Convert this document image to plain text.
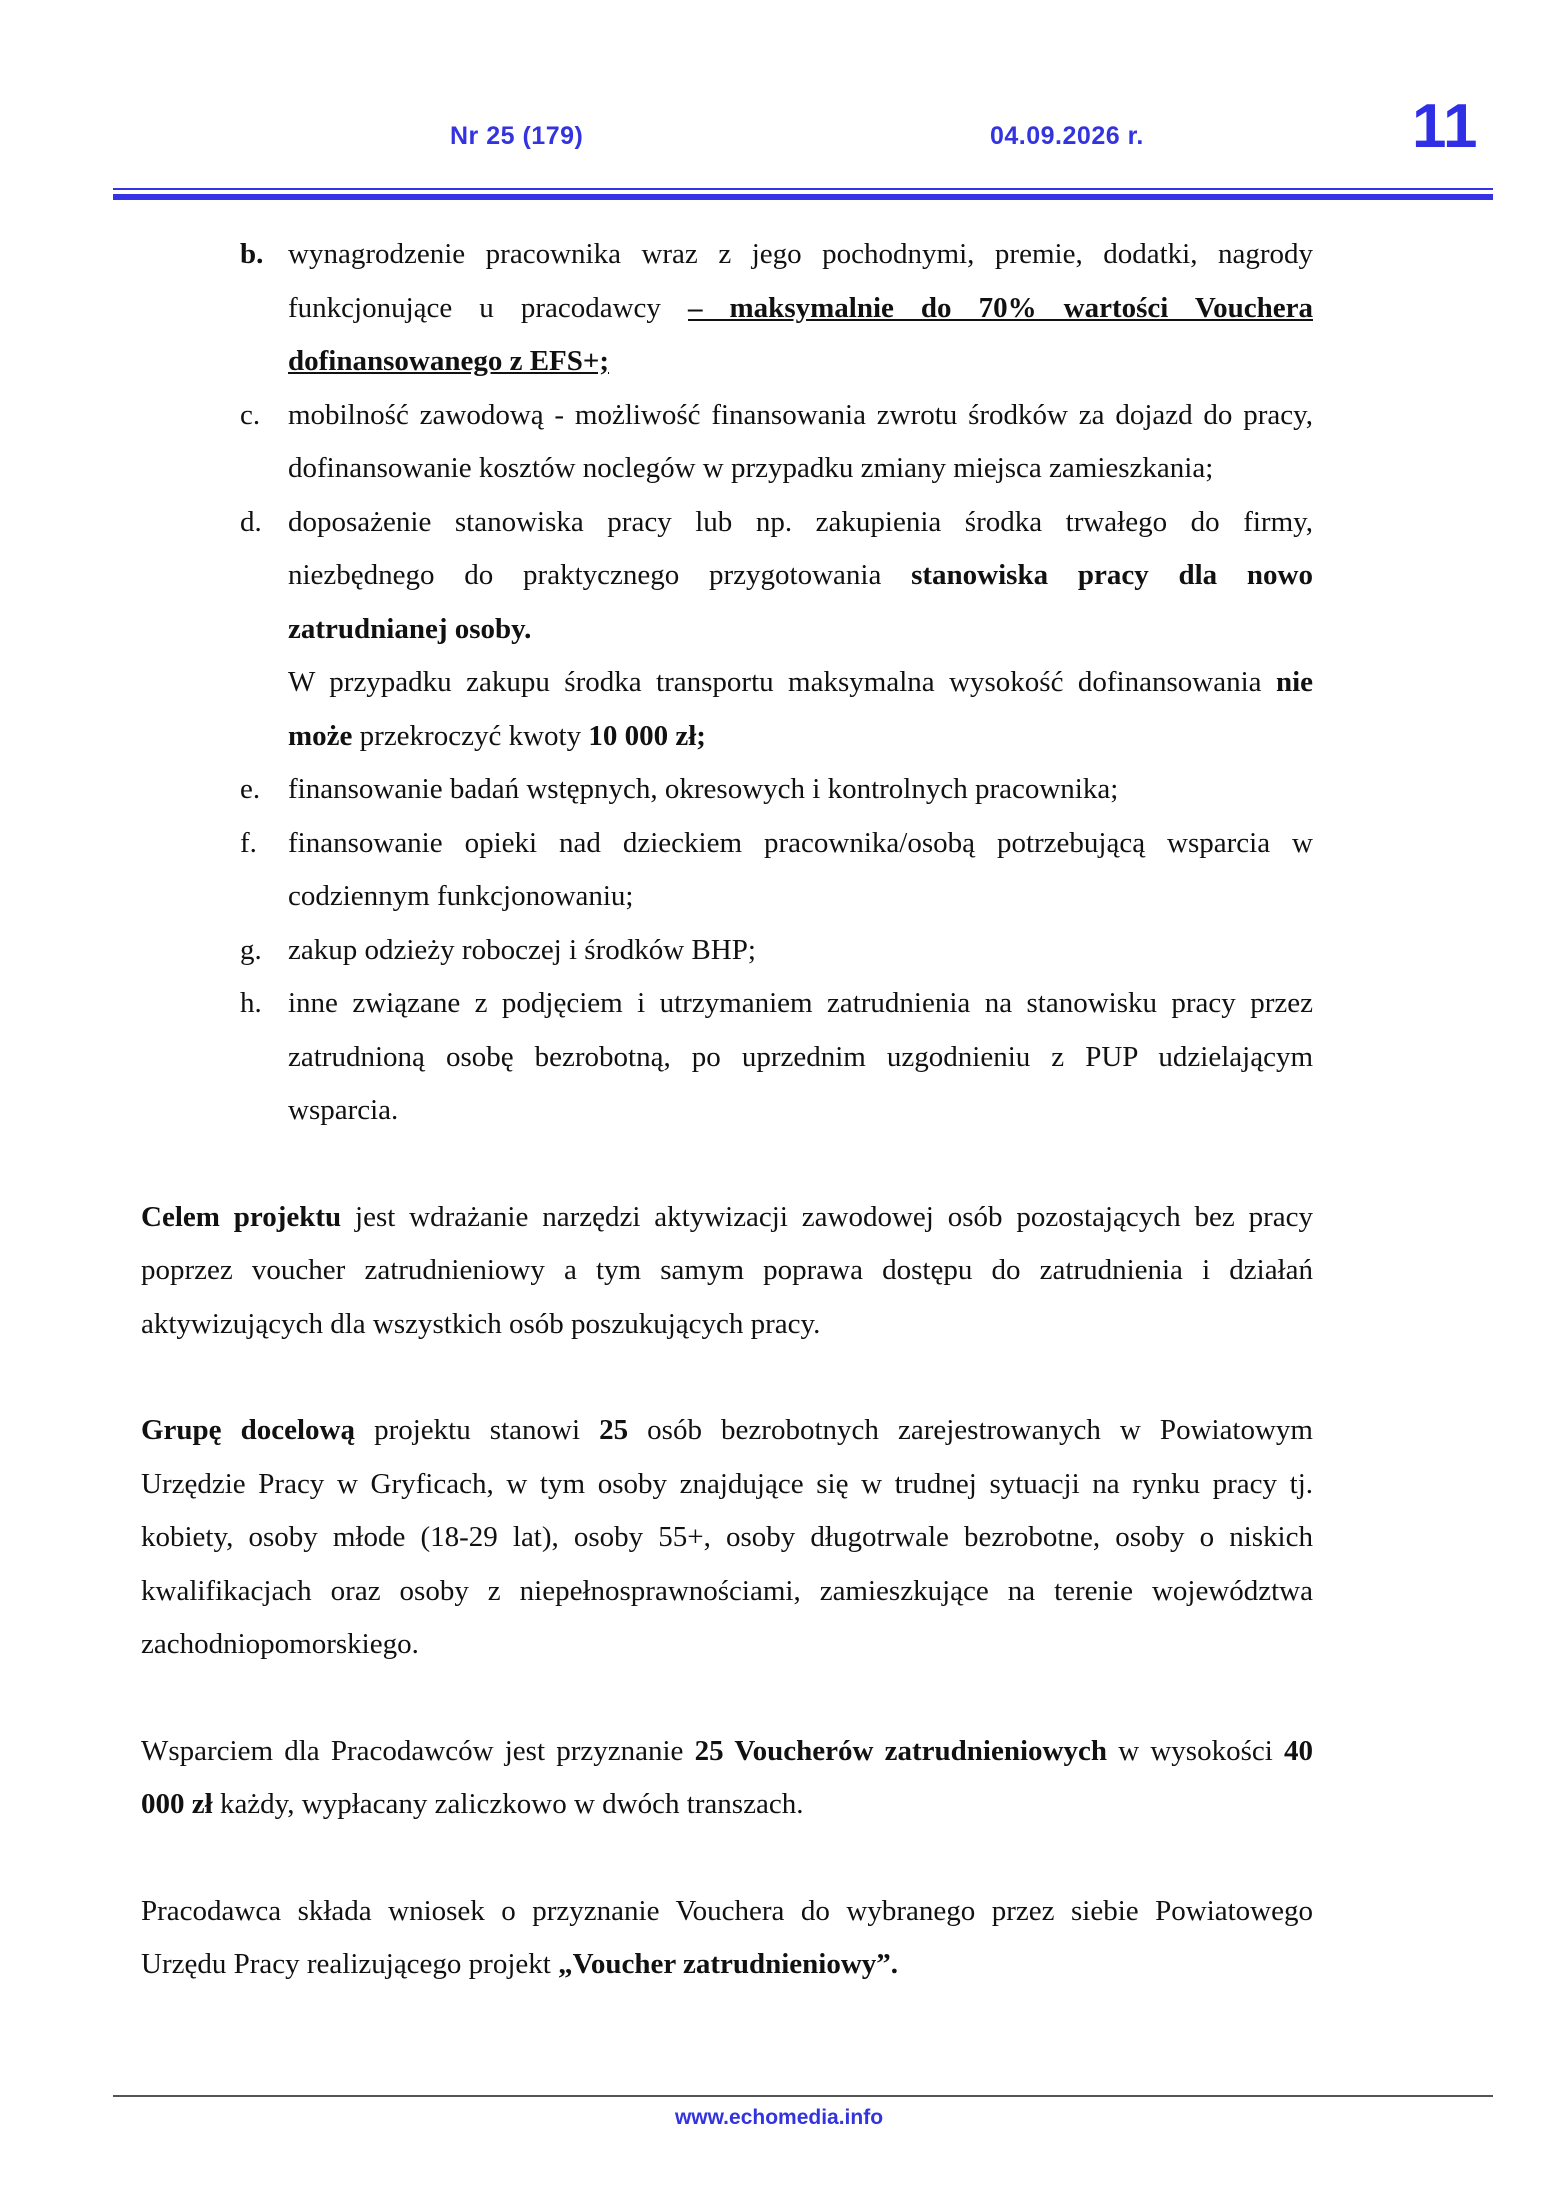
Nr 25 (179)	04.09.2026 r.	11
b. wynagrodzenie pracownika wraz z jego pochodnymi, premie, dodatki, nagrody funkcjonujące u pracodawcy – maksymalnie do 70% wartości Vouchera dofinansowanego z EFS+;
c. mobilność zawodową - możliwość finansowania zwrotu środków za dojazd do pracy, dofinansowanie kosztów noclegów w przypadku zmiany miejsca zamieszkania;
d. doposażenie stanowiska pracy lub np. zakupienia środka trwałego do firmy, niezbędnego do praktycznego przygotowania stanowiska pracy dla nowo zatrudnianej osoby.
W przypadku zakupu środka transportu maksymalna wysokość dofinansowania nie może przekroczyć kwoty 10 000 zł;
e. finansowanie badań wstępnych, okresowych i kontrolnych pracownika;
f. finansowanie opieki nad dzieckiem pracownika/osobą potrzebującą wsparcia w codziennym funkcjonowaniu;
g. zakup odzieży roboczej i środków BHP;
h. inne związane z podjęciem i utrzymaniem zatrudnienia na stanowisku pracy przez zatrudnioną osobę bezrobotną, po uprzednim uzgodnieniu z PUP udzielającym wsparcia.

Celem projektu jest wdrażanie narzędzi aktywizacji zawodowej osób pozostających bez pracy poprzez voucher zatrudnieniowy a tym samym poprawa dostępu do zatrudnienia i działań aktywizujących dla wszystkich osób poszukujących pracy.

Grupę docelową projektu stanowi 25 osób bezrobotnych zarejestrowanych w Powiatowym Urzędzie Pracy w Gryficach, w tym osoby znajdujące się w trudnej sytuacji na rynku pracy tj. kobiety, osoby młode (18-29 lat), osoby 55+, osoby długotrwale bezrobotne, osoby o niskich kwalifikacjach oraz osoby z niepełnosprawnościami, zamieszkujące na terenie województwa zachodniopomorskiego.

Wsparciem dla Pracodawców jest przyznanie 25 Voucherów zatrudnieniowych w wysokości 40 000 zł każdy, wypłacany zaliczkowo w dwóch transzach.

Pracodawca składa wniosek o przyznanie Vouchera do wybranego przez siebie Powiatowego Urzędu Pracy realizującego projekt „Voucher zatrudnieniowy”.

www.echomedia.info
